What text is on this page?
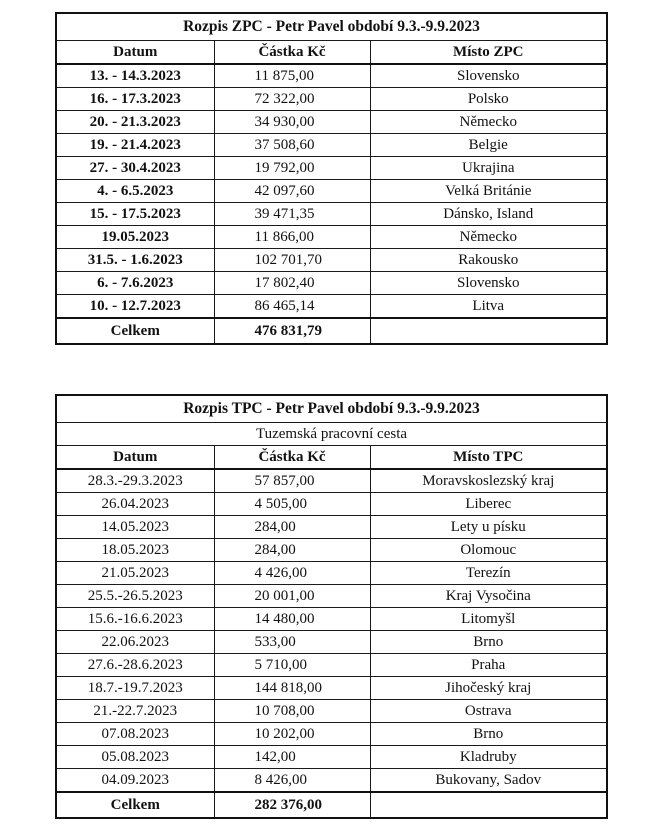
Rozpis ZPC - Petr Pavel období 9.3.-9.9.2023		
Datum	Částka Kč	Místo ZPC
13. - 14.3.2023	11 875,00	Slovensko
16. - 17.3.2023	72 322,00	Polsko
20. - 21.3.2023	34 930,00	Německo
19. - 21.4.2023	37 508,60	Belgie
27. - 30.4.2023	19 792,00	Ukrajina
4. - 6.5.2023	42 097,60	Velká Británie
15. - 17.5.2023	39 471,35	Dánsko, Island
19.05.2023	11 866,00	Německo
31.5. - 1.6.2023	102 701,70	Rakousko
6. - 7.6.2023	17 802,40	Slovensko
10. - 12.7.2023	86 465,14	Litva
Celkem	476 831,79	
Rozpis TPC - Petr Pavel období 9.3.-9.9.2023		
Tuzemská pracovní cesta		
Datum	Částka Kč	Místo TPC
28.3.-29.3.2023	57 857,00	Moravskoslezský kraj
26.04.2023	4 505,00	Liberec
14.05.2023	284,00	Lety u písku
18.05.2023	284,00	Olomouc
21.05.2023	4 426,00	Terezín
25.5.-26.5.2023	20 001,00	Kraj Vysočina
15.6.-16.6.2023	14 480,00	Litomyšl
22.06.2023	533,00	Brno
27.6.-28.6.2023	5 710,00	Praha
18.7.-19.7.2023	144 818,00	Jihočeský kraj
21.-22.7.2023	10 708,00	Ostrava
07.08.2023	10 202,00	Brno
05.08.2023	142,00	Kladruby
04.09.2023	8 426,00	Bukovany, Sadov
Celkem	282 376,00	
